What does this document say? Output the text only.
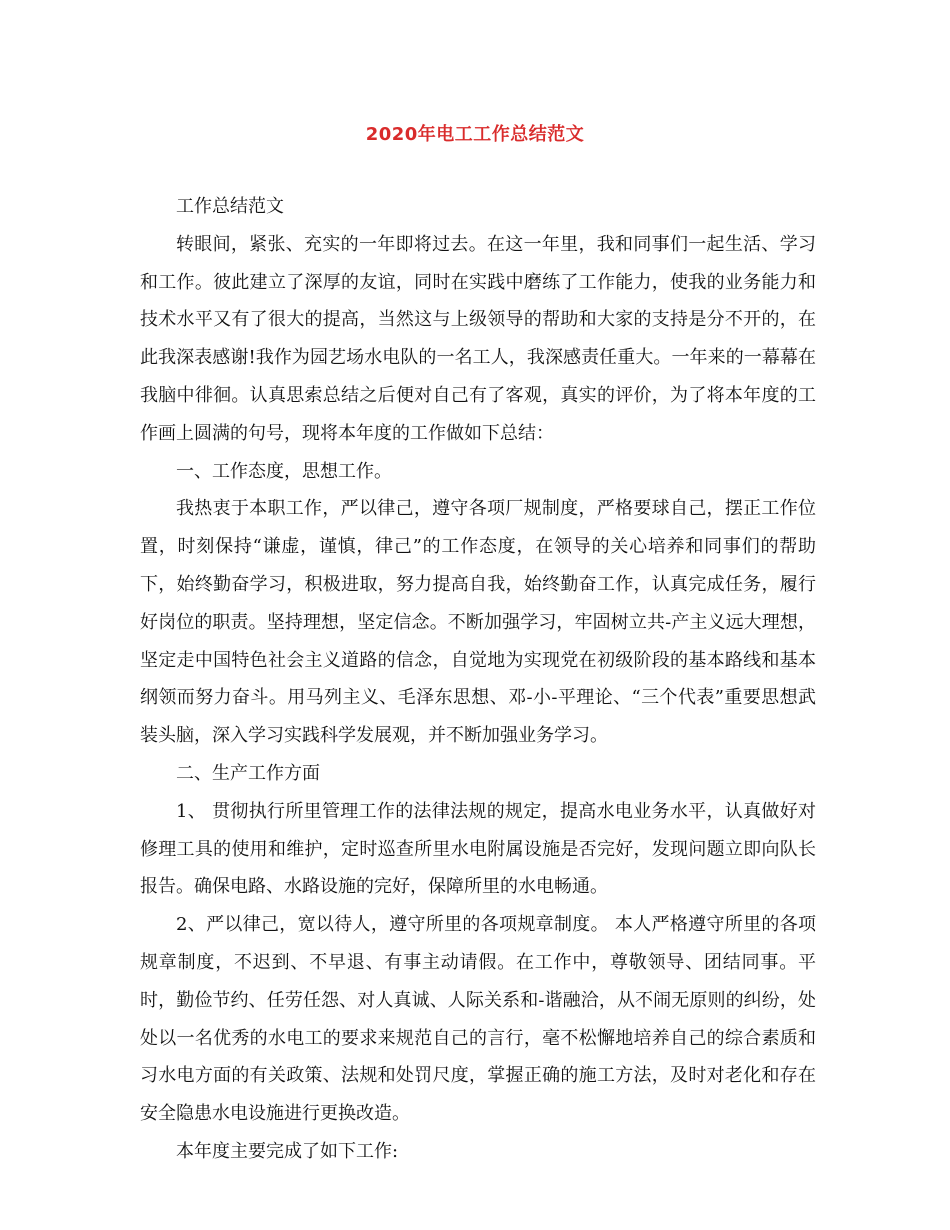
2020年电工工作总结范文

工作总结范文

转眼间，紧张、充实的一年即将过去。在这一年里，我和同事们一起生活、学习和工作。彼此建立了深厚的友谊，同时在实践中磨练了工作能力，使我的业务能力和技术水平又有了很大的提高，当然这与上级领导的帮助和大家的支持是分不开的，在此我深表感谢!我作为园艺场水电队的一名工人，我深感责任重大。一年来的一幕幕在我脑中徘徊。认真思索总结之后便对自己有了客观，真实的评价，为了将本年度的工作画上圆满的句号，现将本年度的工作做如下总结：

一、工作态度，思想工作。

我热衷于本职工作，严以律己，遵守各项厂规制度，严格要球自己，摆正工作位置，时刻保持“谦虚，谨慎，律己”的工作态度，在领导的关心培养和同事们的帮助下，始终勤奋学习，积极进取，努力提高自我，始终勤奋工作，认真完成任务，履行好岗位的职责。坚持理想，坚定信念。不断加强学习，牢固树立共-产主义远大理想，坚定走中国特色社会主义道路的信念，自觉地为实现党在初级阶段的基本路线和基本纲领而努力奋斗。用马列主义、毛泽东思想、邓-小-平理论、“三个代表”重要思想武装头脑，深入学习实践科学发展观，并不断加强业务学习。

二、生产工作方面

1、 贯彻执行所里管理工作的法律法规的规定，提高水电业务水平，认真做好对修理工具的使用和维护，定时巡查所里水电附属设施是否完好，发现问题立即向队长报告。确保电路、水路设施的完好，保障所里的水电畅通。

2、严以律己，宽以待人，遵守所里的各项规章制度。 本人严格遵守所里的各项规章制度，不迟到、不早退、有事主动请假。在工作中，尊敬领导、团结同事。平时，勤俭节约、任劳任怨、对人真诚、人际关系和-谐融洽，从不闹无原则的纠纷，处处以一名优秀的水电工的要求来规范自己的言行，毫不松懈地培养自己的综合素质和习水电方面的有关政策、法规和处罚尺度，掌握正确的施工方法，及时对老化和存在安全隐患水电设施进行更换改造。

本年度主要完成了如下工作:
